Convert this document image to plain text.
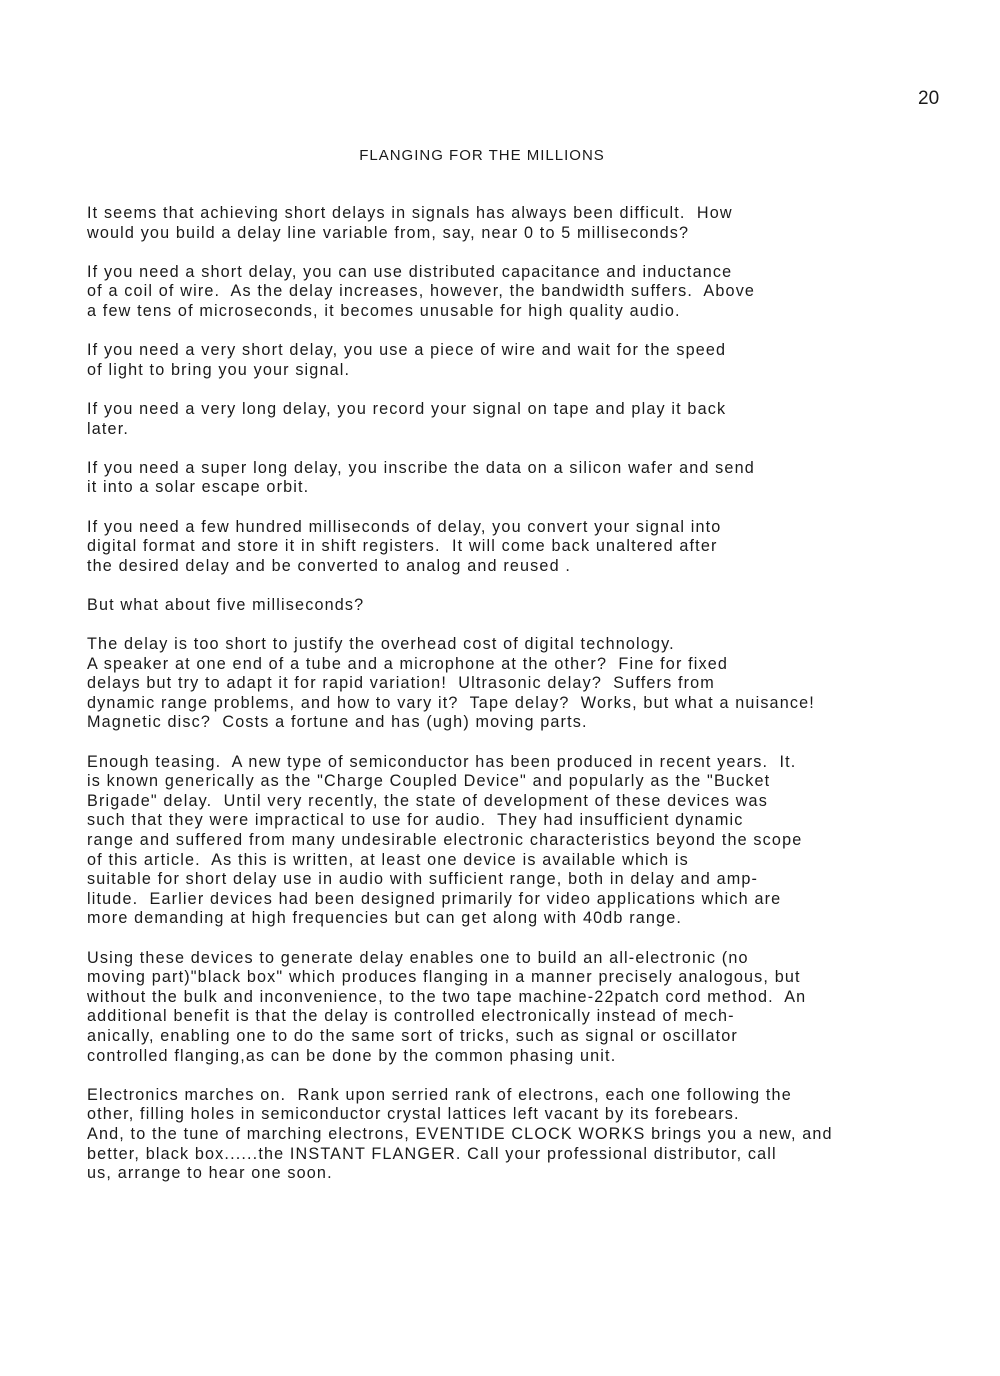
20
FLANGING FOR THE MILLIONS
It seems that achieving short delays in signals has always been difficult.  How
would you build a delay line variable from, say, near 0 to 5 milliseconds?
If you need a short delay, you can use distributed capacitance and inductance
of a coil of wire.  As the delay increases, however, the bandwidth suffers.  Above
a few tens of microseconds, it becomes unusable for high quality audio.
If you need a very short delay, you use a piece of wire and wait for the speed
of light to bring you your signal.
If you need a very long delay, you record your signal on tape and play it back
later.
If you need a super long delay, you inscribe the data on a silicon wafer and send
it into a solar escape orbit.
If you need a few hundred milliseconds of delay, you convert your signal into
digital format and store it in shift registers.  It will come back unaltered after
the desired delay and be converted to analog and reused .
But what about five milliseconds?
The delay is too short to justify the overhead cost of digital technology.
A speaker at one end of a tube and a microphone at the other?  Fine for fixed
delays but try to adapt it for rapid variation!  Ultrasonic delay?  Suffers from
dynamic range problems, and how to vary it?  Tape delay?  Works, but what a nuisance!
Magnetic disc?  Costs a fortune and has (ugh) moving parts.
Enough teasing.  A new type of semiconductor has been produced in recent years.  It.
is known generically as the "Charge Coupled Device" and popularly as the "Bucket
Brigade" delay.  Until very recently, the state of development of these devices was
such that they were impractical to use for audio.  They had insufficient dynamic
range and suffered from many undesirable electronic characteristics beyond the scope
of this article.  As this is written, at least one device is available which is
suitable for short delay use in audio with sufficient range, both in delay and amp-
litude.  Earlier devices had been designed primarily for video applications which are
more demanding at high frequencies but can get along with 40db range.
Using these devices to generate delay enables one to build an all-electronic (no
moving part)"black box" which produces flanging in a manner precisely analogous, but
without the bulk and inconvenience, to the two tape machine-22patch cord method.  An
additional benefit is that the delay is controlled electronically instead of mech-
anically, enabling one to do the same sort of tricks, such as signal or oscillator
controlled flanging,as can be done by the common phasing unit.
Electronics marches on.  Rank upon serried rank of electrons, each one following the
other, filling holes in semiconductor crystal lattices left vacant by its forebears.
And, to the tune of marching electrons, EVENTIDE CLOCK WORKS brings you a new, and
better, black box......the INSTANT FLANGER. Call your professional distributor, call
us, arrange to hear one soon.
